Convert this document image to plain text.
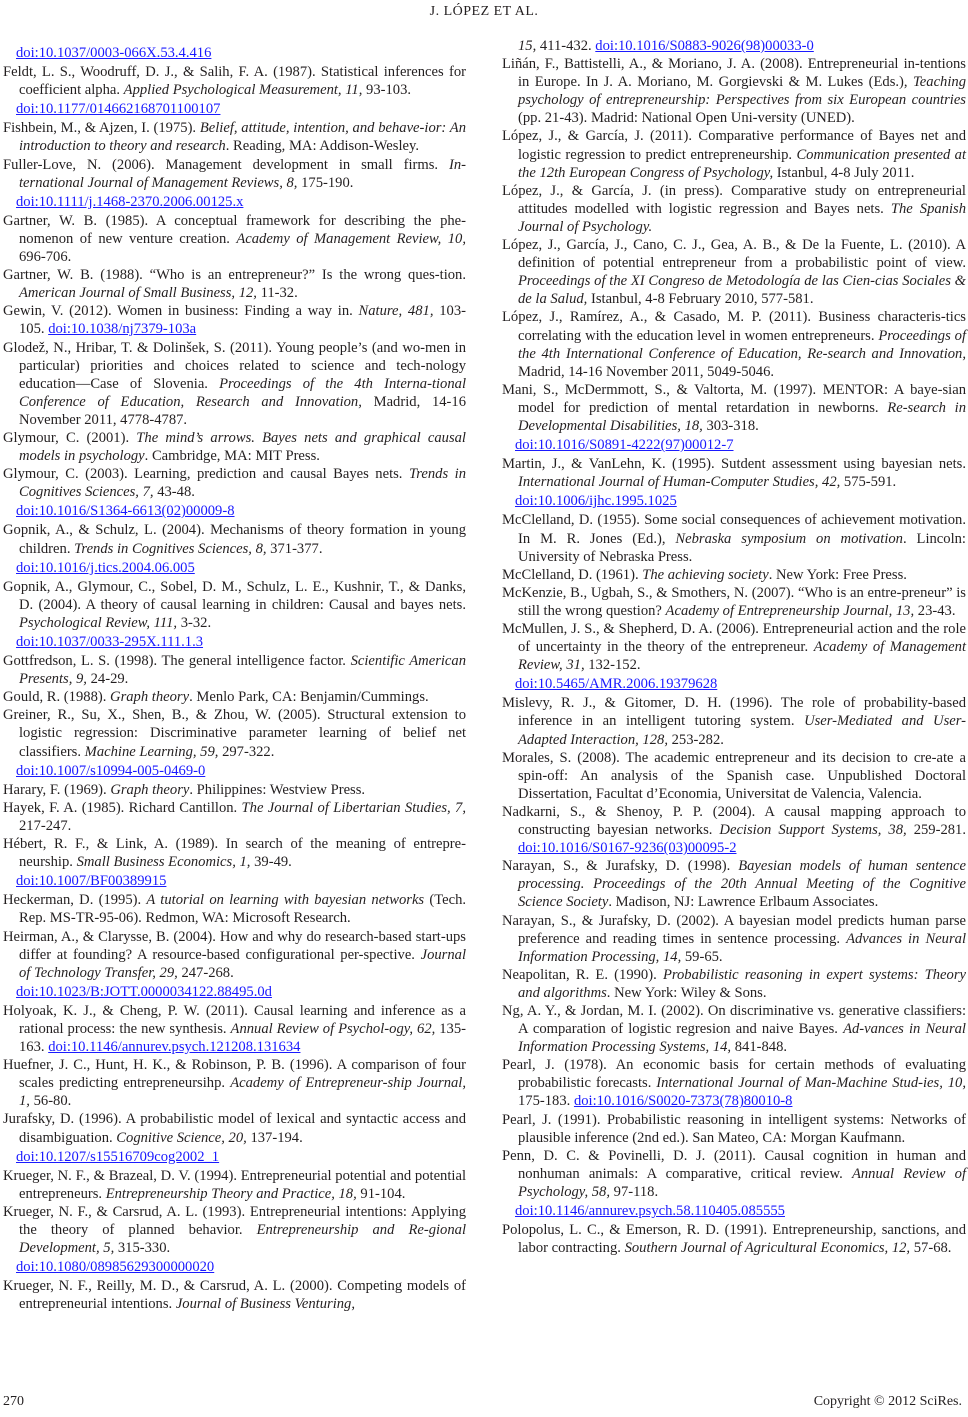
J. LÓPEZ ET AL.
doi:10.1037/0003-066X.53.4.416

Feldt, L. S., Woodruff, D. J., & Salih, F. A. (1987). Statistical inferences for coefficient alpha. Applied Psychological Measurement, 11, 93-103.

doi:10.1177/014662168701100107

Fishbein, M., & Ajzen, I. (1975). Belief, attitude, intention, and behave-ior: An introduction to theory and research. Reading, MA: Addison-Wesley.

Fuller-Love, N. (2006). Management development in small firms. In-ternational Journal of Management Reviews, 8, 175-190.

doi:10.1111/j.1468-2370.2006.00125.x

Gartner, W. B. (1985). A conceptual framework for describing the phe-nomenon of new venture creation. Academy of Management Review, 10, 696-706.

Gartner, W. B. (1988). “Who is an entrepreneur?” Is the wrong ques-tion. American Journal of Small Business, 12, 11-32.

Gewin, V. (2012). Women in business: Finding a way in. Nature, 481, 103-105. doi:10.1038/nj7379-103a

Glodež, N., Hribar, T. & Dolinšek, S. (2011). Young people’s (and wo-men in particular) priorities and choices related to science and tech-nology education—Case of Slovenia. Proceedings of the 4th Interna-tional Conference of Education, Research and Innovation, Madrid, 14-16 November 2011, 4778-4787.

Glymour, C. (2001). The mind’s arrows. Bayes nets and graphical causal models in psychology. Cambridge, MA: MIT Press.

Glymour, C. (2003). Learning, prediction and causal Bayes nets. Trends in Cognitives Sciences, 7, 43-48.

doi:10.1016/S1364-6613(02)00009-8

Gopnik, A., & Schulz, L. (2004). Mechanisms of theory formation in young children. Trends in Cognitives Sciences, 8, 371-377.

doi:10.1016/j.tics.2004.06.005

Gopnik, A., Glymour, C., Sobel, D. M., Schulz, L. E., Kushnir, T., & Danks, D. (2004). A theory of causal learning in children: Causal and bayes nets. Psychological Review, 111, 3-32.

doi:10.1037/0033-295X.111.1.3

Gottfredson, L. S. (1998). The general intelligence factor. Scientific American Presents, 9, 24-29.

Gould, R. (1988). Graph theory. Menlo Park, CA: Benjamin/Cummings.

Greiner, R., Su, X., Shen, B., & Zhou, W. (2005). Structural extension to logistic regression: Discriminative parameter learning of belief net classifiers. Machine Learning, 59, 297-322.

doi:10.1007/s10994-005-0469-0

Harary, F. (1969). Graph theory. Philippines: Westview Press.

Hayek, F. A. (1985). Richard Cantillon. The Journal of Libertarian Studies, 7, 217-247.

Hébert, R. F., & Link, A. (1989). In search of the meaning of entrepre-neurship. Small Business Economics, 1, 39-49.

doi:10.1007/BF00389915

Heckerman, D. (1995). A tutorial on learning with bayesian networks (Tech. Rep. MS-TR-95-06). Redmon, WA: Microsoft Research.

Heirman, A., & Clarysse, B. (2004). How and why do research-based start-ups differ at founding? A resource-based configurational per-spective. Journal of Technology Transfer, 29, 247-268.

doi:10.1023/B:JOTT.0000034122.88495.0d

Holyoak, K. J., & Cheng, P. W. (2011). Causal learning and inference as a rational process: the new synthesis. Annual Review of Psychol-ogy, 62, 135-163. doi:10.1146/annurev.psych.121208.131634

Huefner, J. C., Hunt, H. K., & Robinson, P. B. (1996). A comparison of four scales predicting entrepreneursihp. Academy of Entrepreneur-ship Journal, 1, 56-80.

Jurafsky, D. (1996). A probabilistic model of lexical and syntactic access and disambiguation. Cognitive Science, 20, 137-194.

doi:10.1207/s15516709cog2002_1

Krueger, N. F., & Brazeal, D. V. (1994). Entrepreneurial potential and potential entrepreneurs. Entrepreneurship Theory and Practice, 18, 91-104.

Krueger, N. F., & Carsrud, A. L. (1993). Entrepreneurial intentions: Applying the theory of planned behavior. Entrepreneurship and Re-gional Development, 5, 315-330.

doi:10.1080/08985629300000020

Krueger, N. F., Reilly, M. D., & Carsrud, A. L. (2000). Competing models of entrepreneurial intentions. Journal of Business Venturing,

15, 411-432. doi:10.1016/S0883-9026(98)00033-0

Liñán, F., Battistelli, A., & Moriano, J. A. (2008). Entrepreneurial in-tentions in Europe. In J. A. Moriano, M. Gorgievski & M. Lukes (Eds.), Teaching psychology of entrepreneurship: Perspectives from six European countries (pp. 21-43). Madrid: National Open Uni-versity (UNED).

López, J., & García, J. (2011). Comparative performance of Bayes net and logistic regression to predict entrepreneurship. Communication presented at the 12th European Congress of Psychology, Istanbul, 4-8 July 2011.

López, J., & García, J. (in press). Comparative study on entrepreneurial attitudes modelled with logistic regression and Bayes nets. The Spanish Journal of Psychology.

López, J., García, J., Cano, C. J., Gea, A. B., & De la Fuente, L. (2010). A definition of potential entrepreneur from a probabilistic point of view. Proceedings of the XI Congreso de Metodología de las Cien-cias Sociales & de la Salud, Istanbul, 4-8 February 2010, 577-581.

López, J., Ramírez, A., & Casado, M. P. (2011). Business characteris-tics correlating with the education level in women entrepreneurs. Proceedings of the 4th International Conference of Education, Re-search and Innovation, Madrid, 14-16 November 2011, 5049-5046.

Mani, S., McDermmott, S., & Valtorta, M. (1997). MENTOR: A baye-sian model for prediction of mental retardation in newborns. Re-search in Developmental Disabilities, 18, 303-318.

doi:10.1016/S0891-4222(97)00012-7

Martin, J., & VanLehn, K. (1995). Sutdent assessment using bayesian nets. International Journal of Human-Computer Studies, 42, 575-591.

doi:10.1006/ijhc.1995.1025

McClelland, D. (1955). Some social consequences of achievement motivation. In M. R. Jones (Ed.), Nebraska symposium on motivation. Lincoln: University of Nebraska Press.

McClelland, D. (1961). The achieving society. New York: Free Press.

McKenzie, B., Ugbah, S., & Smothers, N. (2007). “Who is an entre-preneur” is still the wrong question? Academy of Entrepreneurship Journal, 13, 23-43.

McMullen, J. S., & Shepherd, D. A. (2006). Entrepreneurial action and the role of uncertainty in the theory of the entrepreneur. Academy of Management Review, 31, 132-152.

doi:10.5465/AMR.2006.19379628

Mislevy, R. J., & Gitomer, D. H. (1996). The role of probability-based inference in an intelligent tutoring system. User-Mediated and User-Adapted Interaction, 128, 253-282.

Morales, S. (2008). The academic entrepreneur and its decision to cre-ate a spin-off: An analysis of the Spanish case. Unpublished Doctoral Dissertation, Facultat d’Economia, Universitat de Valencia, Valencia.

Nadkarni, S., & Shenoy, P. P. (2004). A causal mapping approach to constructing bayesian networks. Decision Support Systems, 38, 259-281. doi:10.1016/S0167-9236(03)00095-2

Narayan, S., & Jurafsky, D. (1998). Bayesian models of human sentence processing. Proceedings of the 20th Annual Meeting of the Cognitive Science Society. Madison, NJ: Lawrence Erlbaum Associates.

Narayan, S., & Jurafsky, D. (2002). A bayesian model predicts human parse preference and reading times in sentence processing. Advances in Neural Information Processing, 14, 59-65.

Neapolitan, R. E. (1990). Probabilistic reasoning in expert systems: Theory and algorithms. New York: Wiley & Sons.

Ng, A. Y., & Jordan, M. I. (2002). On discriminative vs. generative classifiers: A comparation of logistic regresion and naive Bayes. Ad-vances in Neural Information Processing Systems, 14, 841-848.

Pearl, J. (1978). An economic basis for certain methods of evaluating probabilistic forecasts. International Journal of Man-Machine Stud-ies, 10, 175-183. doi:10.1016/S0020-7373(78)80010-8

Pearl, J. (1991). Probabilistic reasoning in intelligent systems: Networks of plausible inference (2nd ed.). San Mateo, CA: Morgan Kaufmann.

Penn, D. C. & Povinelli, D. J. (2011). Causal cognition in human and nonhuman animals: A comparative, critical review. Annual Review of Psychology, 58, 97-118.

doi:10.1146/annurev.psych.58.110405.085555

Polopolus, L. C., & Emerson, R. D. (1991). Entrepreneurship, sanctions, and labor contracting. Southern Journal of Agricultural Economics, 12, 57-68.

270	Copyright © 2012 SciRes.
